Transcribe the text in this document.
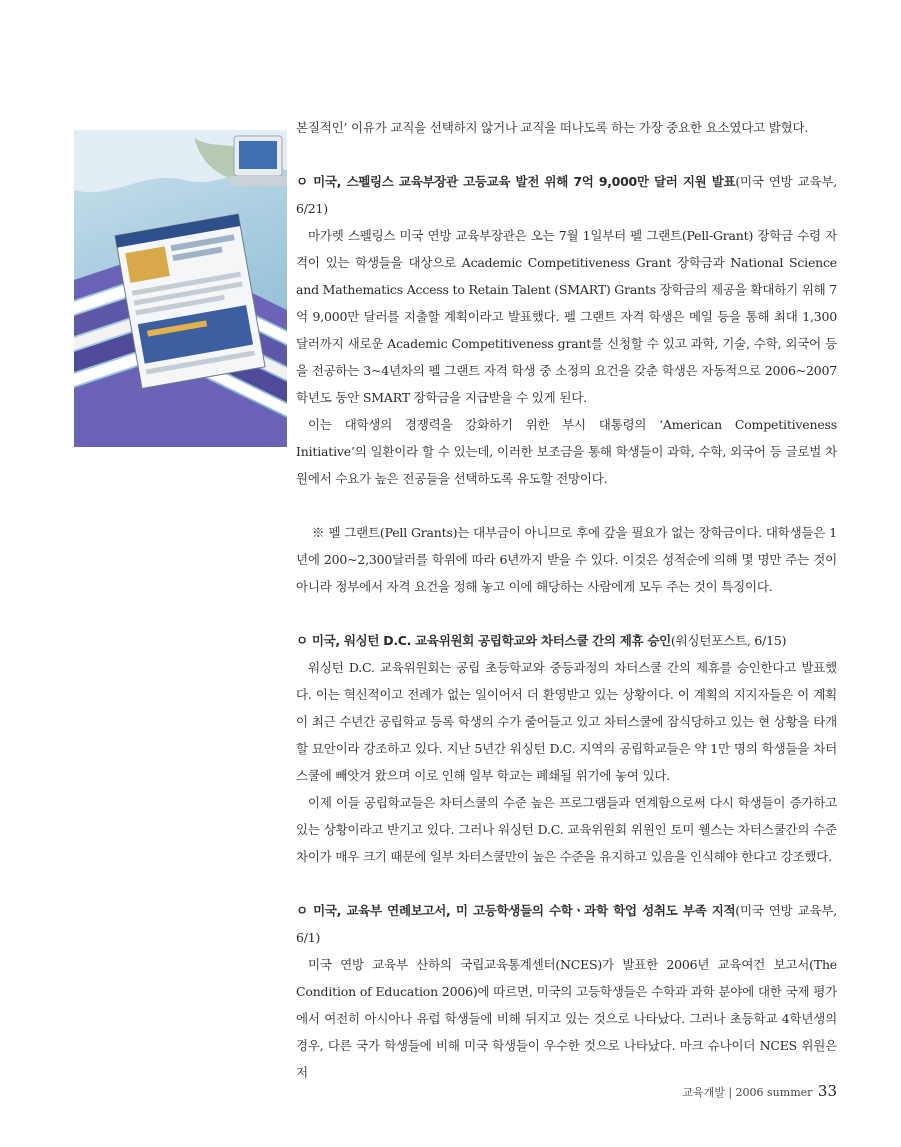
본질적인’ 이유가 교직을 선택하지 않거나 교직을 떠나도록 하는 가장 중요한 요소였다고 밝혔다.

ㅇ 미국, 스펠링스 교육부장관 고등교육 발전 위해 7억 9,000만 달러 지원 발표(미국 연방 교육부, 6/21)

마가렛 스펠링스 미국 연방 교육부장관은 오는 7월 1일부터 펠 그랜트(Pell-Grant) 장학금 수령 자격이 있는 학생들을 대상으로 Academic Competitiveness Grant 장학금과 National Science and Mathematics Access to Retain Talent (SMART) Grants 장학금의 제공을 확대하기 위해 7억 9,000만 달러를 지출할 계획이라고 발표했다. 펠 그랜트 자격 학생은 메일 등을 통해 최대 1,300달러까지 새로운 Academic Competitiveness grant를 신청할 수 있고 과학, 기술, 수학, 외국어 등을 전공하는 3~4년차의 펠 그랜트 자격 학생 중 소정의 요건을 갖춘 학생은 자동적으로 2006~2007학년도 동안 SMART 장학금을 지급받을 수 있게 된다.

이는 대학생의 경쟁력을 강화하기 위한 부시 대통령의 ‘American Competitiveness Initiative’의 일환이라 할 수 있는데, 이러한 보조금을 통해 학생들이 과학, 수학, 외국어 등 글로벌 차원에서 수요가 높은 전공들을 선택하도록 유도할 전망이다.

※ 펠 그랜트(Pell Grants)는 대부금이 아니므로 후에 갚을 필요가 없는 장학금이다. 대학생들은 1년에 200~2,300달러를 학위에 따라 6년까지 받을 수 있다. 이것은 성적순에 의해 몇 명만 주는 것이 아니라 정부에서 자격 요건을 정해 놓고 이에 해당하는 사람에게 모두 주는 것이 특징이다.

ㅇ 미국, 워싱턴 D.C. 교육위원회 공립학교와 차터스쿨 간의 제휴 승인(워싱턴포스트, 6/15)

워싱턴 D.C. 교육위원회는 공립 초등학교와 중등과정의 차터스쿨 간의 제휴를 승인한다고 발표했다. 이는 혁신적이고 전례가 없는 일이어서 더 환영받고 있는 상황이다. 이 계획의 지지자들은 이 계획이 최근 수년간 공립학교 등록 학생의 수가 줄어들고 있고 차터스쿨에 잠식당하고 있는 현 상황을 타개할 묘안이라 강조하고 있다. 지난 5년간 워싱턴 D.C. 지역의 공립학교들은 약 1만 명의 학생들을 차터스쿨에 빼앗겨 왔으며 이로 인해 일부 학교는 폐쇄될 위기에 놓여 있다.

이제 이들 공립학교들은 차터스쿨의 수준 높은 프로그램들과 연계함으로써 다시 학생들이 증가하고 있는 상황이라고 반기고 있다. 그러나 워싱턴 D.C. 교육위원회 위원인 토미 웰스는 차터스쿨간의 수준 차이가 매우 크기 때문에 일부 차터스쿨만이 높은 수준을 유지하고 있음을 인식해야 한다고 강조했다.

ㅇ 미국, 교육부 연례보고서, 미 고등학생들의 수학ㆍ과학 학업 성취도 부족 지적(미국 연방 교육부, 6/1)

미국 연방 교육부 산하의 국립교육통계센터(NCES)가 발표한 2006년 교육여건 보고서(The Condition of Education 2006)에 따르면, 미국의 고등학생들은 수학과 과학 분야에 대한 국제 평가에서 여전히 아시아나 유럽 학생들에 비해 뒤지고 있는 것으로 나타났다. 그러나 초등학교 4학년생의 경우, 다른 국가 학생들에 비해 미국 학생들이 우수한 것으로 나타났다. 마크 슈나이더 NCES 위원은 저

교육개발 | 2006 summer 33
